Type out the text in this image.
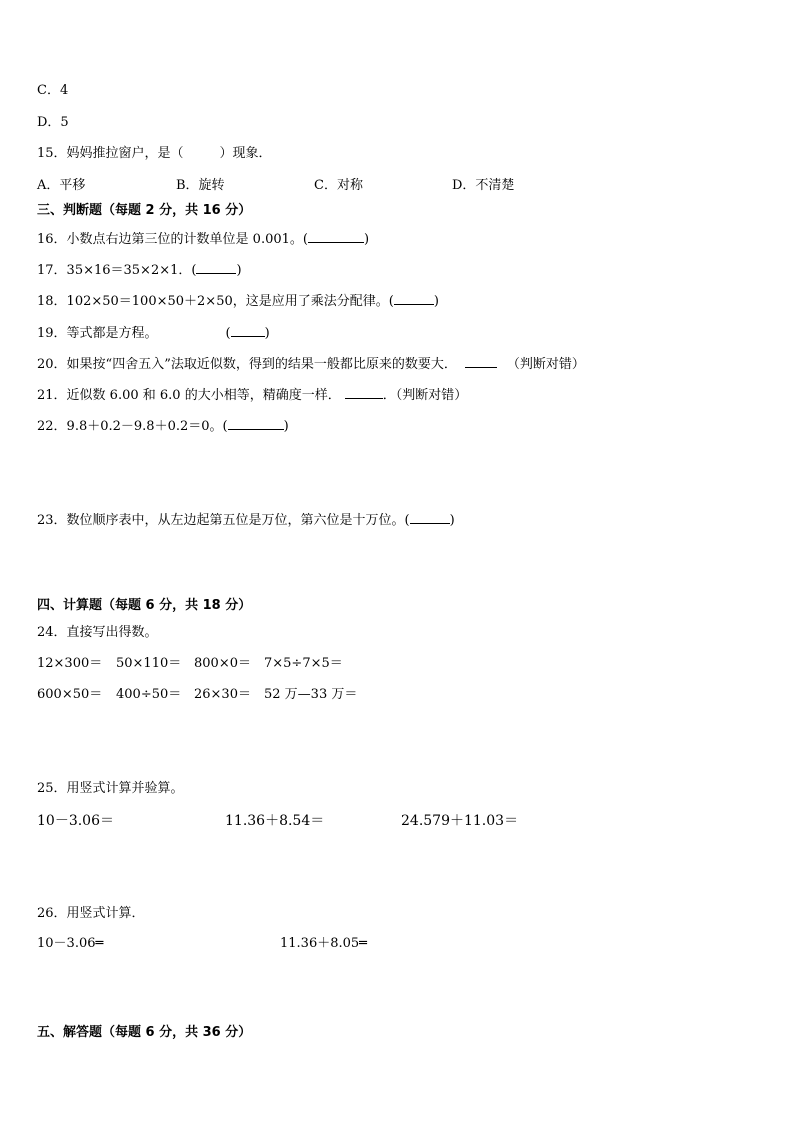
C．4
D．5
15．妈妈推拉窗户，是（	）现象．
A．平移	B．旋转	C．对称	D．不清楚
三、判断题（每题 2 分，共 16 分）
16．小数点右边第三位的计数单位是 0.001。(	)
17．35×16＝35×2×1．(	)
18．102×50＝100×50＋2×50，这是应用了乘法分配律。(	)
19．等式都是方程。	(	)
20．如果按“四舍五入”法取近似数，得到的结果一般都比原来的数要大．	（判断对错）
21．近似数 6.00 和 6.0 的大小相等，精确度一样．	．（判断对错）
22．9.8＋0.2－9.8＋0.2＝0。(	)
23．数位顺序表中，从左边起第五位是万位，第六位是十万位。(	)
四、计算题（每题 6 分，共 18 分）
24．直接写出得数。
12×300＝ 50×110＝ 800×0＝ 7×5÷7×5＝
600×50＝ 400÷50＝ 26×30＝ 52 万—33 万＝
25．用竖式计算并验算。
10－3.06＝	11.36＋8.54＝	24.579＋11.03＝
26．用竖式计算．
10－3.06═	11.36＋8.05═
五、解答题（每题 6 分，共 36 分）
